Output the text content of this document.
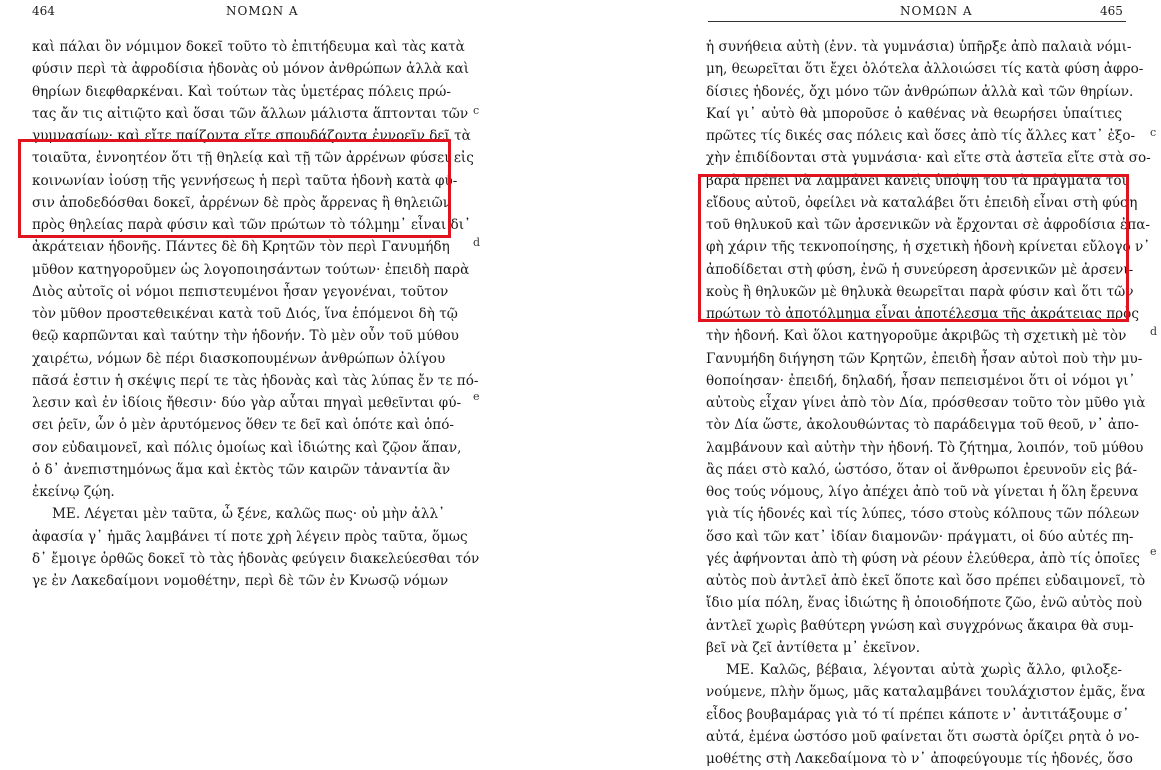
464	ΝΟΜΩΝ Α
καὶ πάλαι ὂν νόμιμον δοκεῖ τοῦτο τὸ ἐπιτήδευμα καὶ τὰς κατὰ
φύσιν περὶ τὰ ἀφροδίσια ἡδονὰς οὐ μόνον ἀνθρώπων ἀλλὰ καὶ
θηρίων διεφθαρκέναι. Καὶ τούτων τὰς ὑμετέρας πόλεις πρώ-
τας ἄν τις αἰτιῷτο καὶ ὅσαι τῶν ἄλλων μάλιστα ἅπτονται τῶν
γυμνασίων· καὶ εἴτε παίζοντα εἴτε σπουδάζοντα ἐννοεῖν δεῖ τὰ
τοιαῦτα, ἐννοητέον ὅτι τῇ θηλείᾳ καὶ τῇ τῶν ἀρρένων φύσει εἰς
κοινωνίαν ἰούσῃ τῆς γεννήσεως ἡ περὶ ταῦτα ἡδονὴ κατὰ φύ-
σιν ἀποδεδόσθαι δοκεῖ, ἀρρένων δὲ πρὸς ἄρρενας ἢ θηλειῶν
πρὸς θηλείας παρὰ φύσιν καὶ τῶν πρώτων τὸ τόλμημ᾽ εἶναι δι᾽
ἀκράτειαν ἡδονῆς. Πάντες δὲ δὴ Κρητῶν τὸν περὶ Γανυμήδη
μῦθον κατηγοροῦμεν ὡς λογοποιησάντων τούτων· ἐπειδὴ παρὰ
Διὸς αὐτοῖς οἱ νόμοι πεπιστευμένοι ἦσαν γεγονέναι, τοῦτον
τὸν μῦθον προστεθεικέναι κατὰ τοῦ Διός, ἵνα ἑπόμενοι δὴ τῷ
θεῷ καρπῶνται καὶ ταύτην τὴν ἡδονήν. Τὸ μὲν οὖν τοῦ μύθου
χαιρέτω, νόμων δὲ πέρι διασκοπουμένων ἀνθρώπων ὀλίγου
πᾶσά ἐστιν ἡ σκέψις περί τε τὰς ἡδονὰς καὶ τὰς λύπας ἔν τε πό-
λεσιν καὶ ἐν ἰδίοις ἤθεσιν· δύο γὰρ αὗται πηγαὶ μεθεῖνται φύ-
σει ῥεῖν, ὧν ὁ μὲν ἀρυτόμενος ὅθεν τε δεῖ καὶ ὁπότε καὶ ὁπό-
σον εὐδαιμονεῖ, καὶ πόλις ὁμοίως καὶ ἰδιώτης καὶ ζῷον ἅπαν,
ὁ δ᾽ ἀνεπιστημόνως ἅμα καὶ ἐκτὸς τῶν καιρῶν τἀναντία ἂν
ἐκείνῳ ζῴη.
ΜΕ. Λέγεται μὲν ταῦτα, ὦ ξένε, καλῶς πως· οὐ μὴν ἀλλ᾽
ἀφασία γ᾽ ἡμᾶς λαμβάνει τί ποτε χρὴ λέγειν πρὸς ταῦτα, ὅμως
δ᾽ ἔμοιγε ὀρθῶς δοκεῖ τὸ τὰς ἡδονὰς φεύγειν διακελεύεσθαι τόν
γε ἐν Λακεδαίμονι νομοθέτην, περὶ δὲ τῶν ἐν Κνωσῷ νόμων
c
d
e
ΝΟΜΩΝ Α	465
ἡ συνήθεια αὐτὴ (ἐνν. τὰ γυμνάσια) ὑπῆρξε ἀπὸ παλαιὰ νόμι-
μη, θεωρεῖται ὅτι ἔχει ὁλότελα ἀλλοιώσει τίς κατὰ φύση ἀφρο-
δίσιες ἡδονές, ὄχι μόνο τῶν ἀνθρώπων ἀλλὰ καὶ τῶν θηρίων.
Καί γι᾽ αὐτὸ θὰ μποροῦσε ὁ καθένας νὰ θεωρήσει ὑπαίτιες
πρῶτες τίς δικές σας πόλεις καὶ ὅσες ἀπὸ τίς ἄλλες κατ᾽ ἐξο-
χὴν ἐπιδίδονται στὰ γυμνάσια· καὶ εἴτε στὰ ἀστεῖα εἴτε στὰ σο-
βαρὰ πρέπει νὰ λαμβάνει κανεὶς ὑπόψη του τὰ πράγματα τοῦ
εἴδους αὐτοῦ, ὀφείλει νὰ καταλάβει ὅτι ἐπειδὴ εἶναι στὴ φύση
τοῦ θηλυκοῦ καὶ τῶν ἀρσενικῶν νὰ ἔρχονται σὲ ἀφροδίσια ἐπα-
φὴ χάριν τῆς τεκνοποίησης, ἡ σχετικὴ ἡδονὴ κρίνεται εὔλογο ν᾽
ἀποδίδεται στὴ φύση, ἐνῶ ἡ συνεύρεση ἀρσενικῶν μὲ ἀρσενι-
κοὺς ἢ θηλυκῶν μὲ θηλυκὰ θεωρεῖται παρὰ φύσιν καὶ ὅτι τῶν
πρώτων τὸ ἀποτόλμημα εἶναι ἀποτέλεσμα τῆς ἀκράτειας πρὸς
τὴν ἡδονή. Καὶ ὅλοι κατηγοροῦμε ἀκριβῶς τὴ σχετικὴ μὲ τὸν
Γανυμήδη διήγηση τῶν Κρητῶν, ἐπειδὴ ἦσαν αὐτοὶ ποὺ τὴν μυ-
θοποίησαν· ἐπειδή, δηλαδή, ἦσαν πεπεισμένοι ὅτι οἱ νόμοι γι᾽
αὐτοὺς εἶχαν γίνει ἀπὸ τὸν Δία, πρόσθεσαν τοῦτο τὸν μῦθο γιὰ
τὸν Δία ὥστε, ἀκολουθώντας τὸ παράδειγμα τοῦ θεοῦ, ν᾽ ἀπο-
λαμβάνουν καὶ αὐτὴν τὴν ἡδονή. Τὸ ζήτημα, λοιπόν, τοῦ μύθου
ἂς πάει στὸ καλό, ὡστόσο, ὅταν οἱ ἄνθρωποι ἐρευνοῦν εἰς βά-
θος τούς νόμους, λίγο ἀπέχει ἀπὸ τοῦ νὰ γίνεται ἡ ὅλη ἔρευνα
γιὰ τίς ἡδονές καὶ τίς λύπες, τόσο στοὺς κόλπους τῶν πόλεων
ὅσο καὶ τῶν κατ᾽ ἰδίαν διαμονῶν· πράγματι, οἱ δύο αὐτές πη-
γές ἀφήνονται ἀπὸ τὴ φύση νὰ ρέουν ἐλεύθερα, ἀπὸ τίς ὁποῖες
αὐτὸς ποὺ ἀντλεῖ ἀπὸ ἐκεῖ ὅποτε καὶ ὅσο πρέπει εὐδαιμονεῖ, τὸ
ἴδιο μία πόλη, ἕνας ἰδιώτης ἢ ὁποιοδήποτε ζῶο, ἐνῶ αὐτὸς ποὺ
ἀντλεῖ χωρὶς βαθύτερη γνώση καὶ συγχρόνως ἄκαιρα θὰ συμ-
βεῖ νὰ ζεῖ ἀντίθετα μ᾽ ἐκεῖνον.
ΜΕ. Καλῶς, βέβαια, λέγονται αὐτὰ χωρὶς ἄλλο, φιλοξε-
νούμενε, πλὴν ὅμως, μᾶς καταλαμβάνει τουλάχιστον ἐμᾶς, ἕνα
εἶδος βουβαμάρας γιὰ τό τί πρέπει κάποτε ν᾽ ἀντιτάξουμε σ᾽
αὐτά, ἐμένα ὡστόσο μοῦ φαίνεται ὅτι σωστὰ ὁρίζει ρητὰ ὁ νο-
μοθέτης στὴ Λακεδαίμονα τὸ ν᾽ ἀποφεύγουμε τίς ἡδονές, ὅσο
c
d
e
